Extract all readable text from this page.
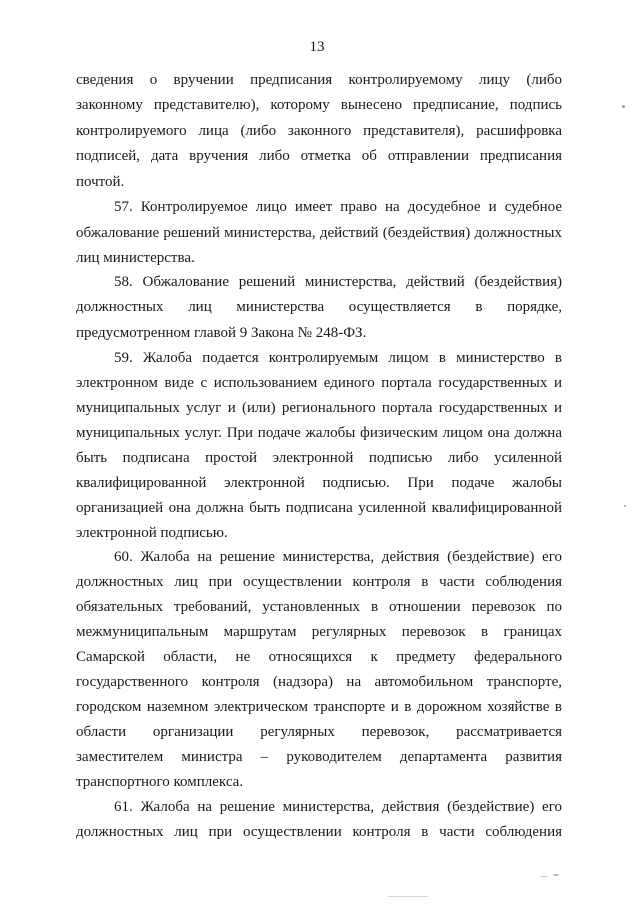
13
сведения о вручении предписания контролируемому лицу (либо
законному представителю), которому вынесено предписание, подпись
контролируемого лица (либо законного представителя), расшифровка
подписей, дата вручения либо отметка об отправлении предписания
почтой.
57. Контролируемое лицо имеет право на досудебное и судебное
обжалование решений министерства, действий (бездействия) должностных
лиц министерства.
58. Обжалование решений министерства, действий (бездействия)
должностных лиц министерства осуществляется в порядке,
предусмотренном главой 9 Закона № 248-ФЗ.
59. Жалоба подается контролируемым лицом в министерство в
электронном виде с использованием единого портала государственных и
муниципальных услуг и (или) регионального портала государственных и
муниципальных услуг. При подаче жалобы физическим лицом она должна
быть подписана простой электронной подписью либо усиленной
квалифицированной электронной подписью. При подаче жалобы
организацией она должна быть подписана усиленной квалифицированной
электронной подписью.
60. Жалоба на решение министерства, действия (бездействие) его
должностных лиц при осуществлении контроля в части соблюдения
обязательных требований, установленных в отношении перевозок по
межмуниципальным маршрутам регулярных перевозок в границах
Самарской области, не относящихся к предмету федерального
государственного контроля (надзора) на автомобильном транспорте,
городском наземном электрическом транспорте и в дорожном хозяйстве в
области организации регулярных перевозок, рассматривается
заместителем министра – руководителем департамента развития
транспортного комплекса.
61. Жалоба на решение министерства, действия (бездействие) его
должностных лиц при осуществлении контроля в части соблюдения
